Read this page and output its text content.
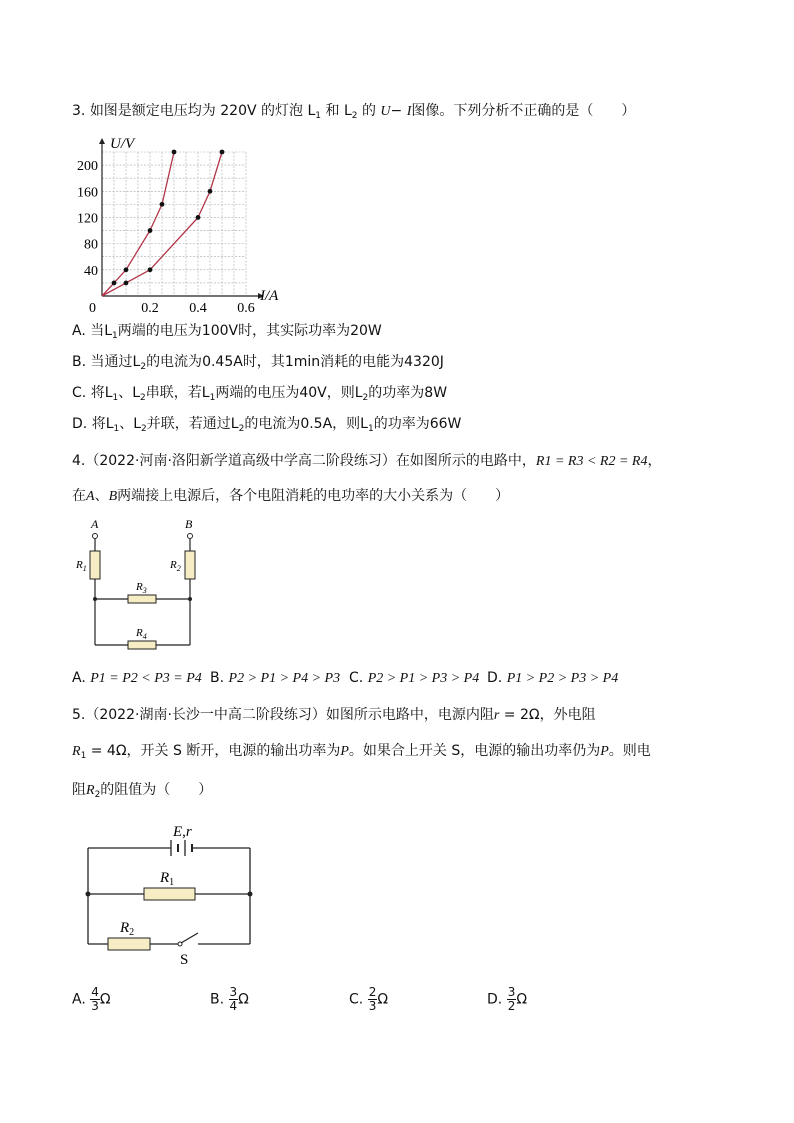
3. 如图是额定电压均为 220V 的灯泡 $L_1$ 和 $L_2$ 的 U− I图像。下列分析不正确的是（　　）
40
80
120
160
200
0.2 0.4 0.6
0
U/V
I/A
A. 当$L_1$两端的电压为100V时，其实际功率为20W
B. 当通过$L_2$的电流为0.45A时，其1min消耗的电能为4320J
C. 将$L_1$、$L_2$串联，若$L_1$两端的电压为40V，则$L_2$的功率为8W
D. 将$L_1$、$L_2$并联，若通过$L_2$的电流为0.5A，则$L_1$的功率为66W
4.（2022·河南·洛阳新学道高级中学高二阶段练习）在如图所示的电路中，R1 = R3 < R2 = R4，
在A、B两端接上电源后，各个电阻消耗的电功率的大小关系为（　　）
A	B
$R_1$	$R_2$
$R_3$
$R_4$
A. P1 = P2 < P3 = P4 B. P2 > P1 > P4 > P3 C. P2 > P1 > P3 > P4 D. P1 > P2 > P3 > P4
5.（2022·湖南·长沙一中高二阶段练习）如图所示电路中，电源内阻r = 2Ω，外电阻
$R_1 = 4\Omega$，开关 S 断开，电源的输出功率为P。如果合上开关 S，电源的输出功率仍为P。则电
阻$R_2$的阻值为（　　）
E,r
$R_1$
$R_2$
S
A. $\frac{4}{3}$ Ω	B. $\frac{3}{4}$ Ω	C. $\frac{2}{3}$ Ω	D. $\frac{3}{2}$ Ω
